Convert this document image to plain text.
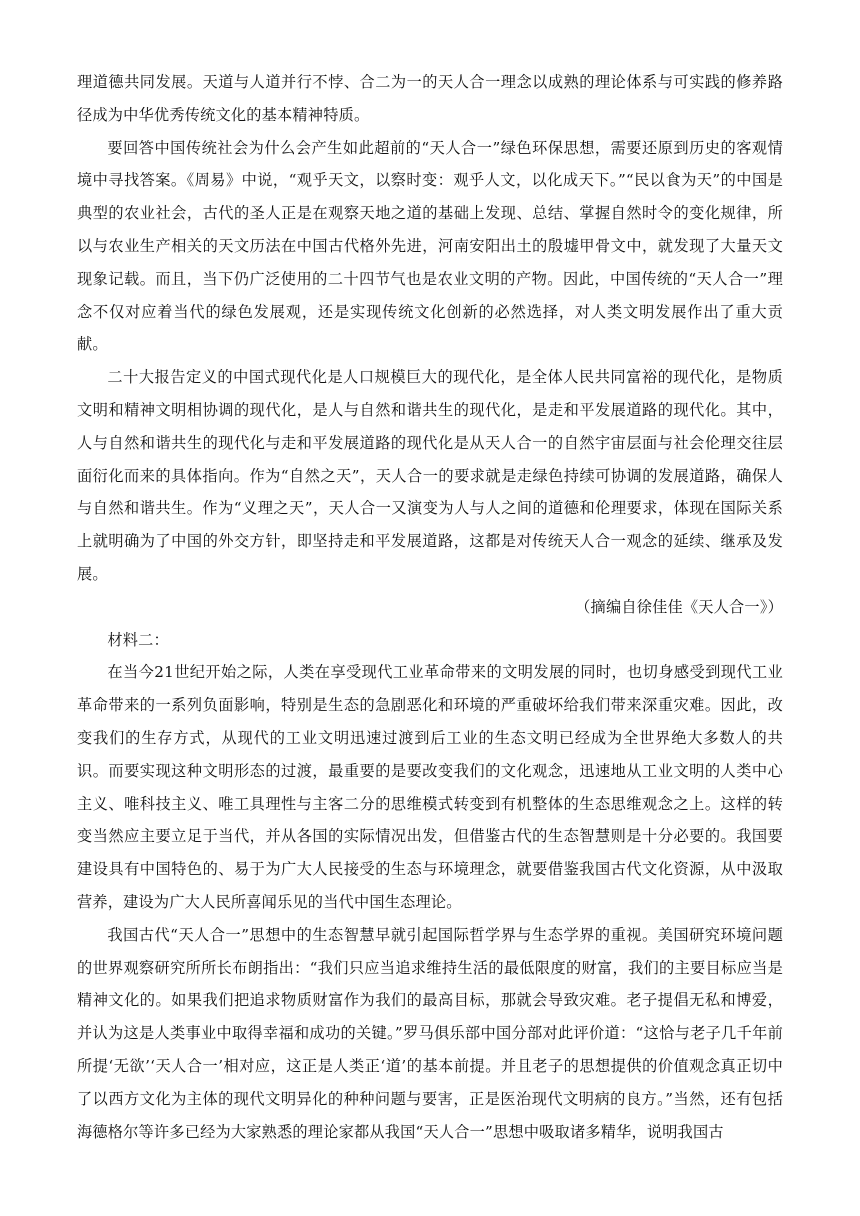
理道德共同发展。天道与人道并行不悖、合二为一的天人合一理念以成熟的理论体系与可实践的修养路径成为中华优秀传统文化的基本精神特质。

要回答中国传统社会为什么会产生如此超前的“天人合一”绿色环保思想，需要还原到历史的客观情境中寻找答案。《周易》中说，“观乎天文，以察时变：观乎人文，以化成天下。”“民以食为天”的中国是典型的农业社会，古代的圣人正是在观察天地之道的基础上发现、总结、掌握自然时令的变化规律，所以与农业生产相关的天文历法在中国古代格外先进，河南安阳出土的殷墟甲骨文中，就发现了大量天文现象记载。而且，当下仍广泛使用的二十四节气也是农业文明的产物。因此，中国传统的“天人合一”理念不仅对应着当代的绿色发展观，还是实现传统文化创新的必然选择，对人类文明发展作出了重大贡献。

二十大报告定义的中国式现代化是人口规模巨大的现代化，是全体人民共同富裕的现代化，是物质文明和精神文明相协调的现代化，是人与自然和谐共生的现代化，是走和平发展道路的现代化。其中，人与自然和谐共生的现代化与走和平发展道路的现代化是从天人合一的自然宇宙层面与社会伦理交往层面衍化而来的具体指向。作为“自然之天”，天人合一的要求就是走绿色持续可协调的发展道路，确保人与自然和谐共生。作为“义理之天”，天人合一又演变为人与人之间的道德和伦理要求，体现在国际关系上就明确为了中国的外交方针，即坚持走和平发展道路，这都是对传统天人合一观念的延续、继承及发展。

（摘编自徐佳佳《天人合一》）

材料二：

在当今21世纪开始之际，人类在享受现代工业革命带来的文明发展的同时，也切身感受到现代工业革命带来的一系列负面影响，特别是生态的急剧恶化和环境的严重破坏给我们带来深重灾难。因此，改变我们的生存方式，从现代的工业文明迅速过渡到后工业的生态文明已经成为全世界绝大多数人的共识。而要实现这种文明形态的过渡，最重要的是要改变我们的文化观念，迅速地从工业文明的人类中心主义、唯科技主义、唯工具理性与主客二分的思维模式转变到有机整体的生态思维观念之上。这样的转变当然应主要立足于当代，并从各国的实际情况出发，但借鉴古代的生态智慧则是十分必要的。我国要建设具有中国特色的、易于为广大人民接受的生态与环境理念，就要借鉴我国古代文化资源，从中汲取营养，建设为广大人民所喜闻乐见的当代中国生态理论。

我国古代“天人合一”思想中的生态智慧早就引起国际哲学界与生态学界的重视。美国研究环境问题的世界观察研究所所长布朗指出：“我们只应当追求维持生活的最低限度的财富，我们的主要目标应当是精神文化的。如果我们把追求物质财富作为我们的最高目标，那就会导致灾难。老子提倡无私和博爱，并认为这是人类事业中取得幸福和成功的关键。”罗马俱乐部中国分部对此评价道：“这恰与老子几千年前所提‘无欲’‘天人合一’相对应，这正是人类正‘道’的基本前提。并且老子的思想提供的价值观念真正切中了以西方文化为主体的现代文明异化的种种问题与要害，正是医治现代文明病的良方。”当然，还有包括海德格尔等许多已经为大家熟悉的理论家都从我国“天人合一”思想中吸取诸多精华，说明我国古
